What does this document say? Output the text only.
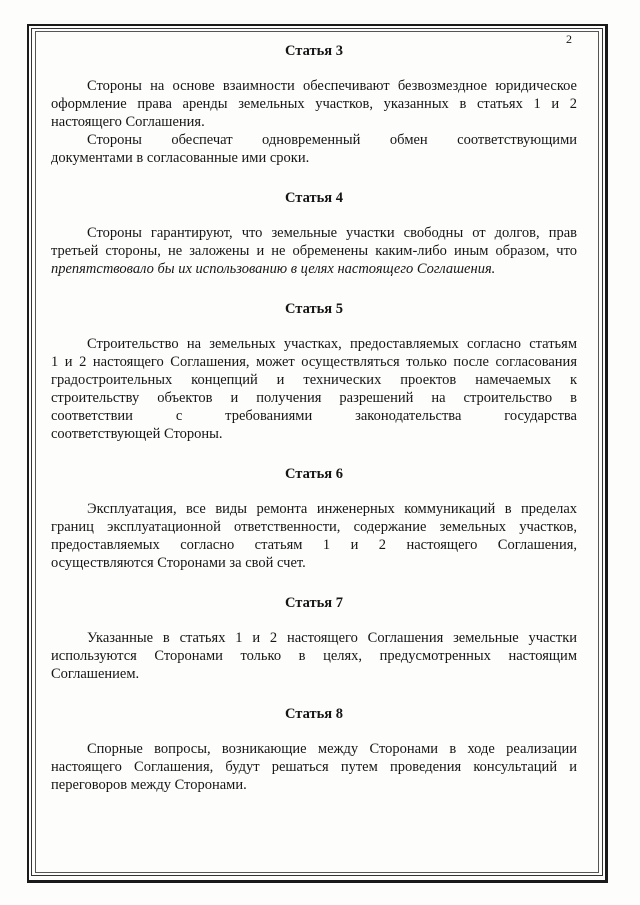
2
Статья 3
Стороны на основе взаимности обеспечивают безвозмездное юридическое
оформление права аренды земельных участков, указанных в статьях 1 и 2
настоящего Соглашения.
Стороны обеспечат одновременный обмен соответствующими
документами в согласованные ими сроки.
Статья 4
Стороны гарантируют, что земельные участки свободны от долгов, прав
третьей стороны, не заложены и не обременены каким-либо иным образом, что
препятствовало бы их использованию в целях настоящего Соглашения.
Статья 5
Строительство на земельных участках, предоставляемых согласно статьям
1 и 2 настоящего Соглашения, может осуществляться только после согласования
градостроительных концепций и технических проектов намечаемых к
строительству объектов и получения разрешений на строительство в
соответствии с требованиями законодательства государства
соответствующей Стороны.
Статья 6
Эксплуатация, все виды ремонта инженерных коммуникаций в пределах
границ эксплуатационной ответственности, содержание земельных участков,
предоставляемых согласно статьям 1 и 2 настоящего Соглашения,
осуществляются Сторонами за свой счет.
Статья 7
Указанные в статьях 1 и 2 настоящего Соглашения земельные участки
используются Сторонами только в целях, предусмотренных настоящим
Соглашением.
Статья 8
Спорные вопросы, возникающие между Сторонами в ходе реализации
настоящего Соглашения, будут решаться путем проведения консультаций и
переговоров между Сторонами.
